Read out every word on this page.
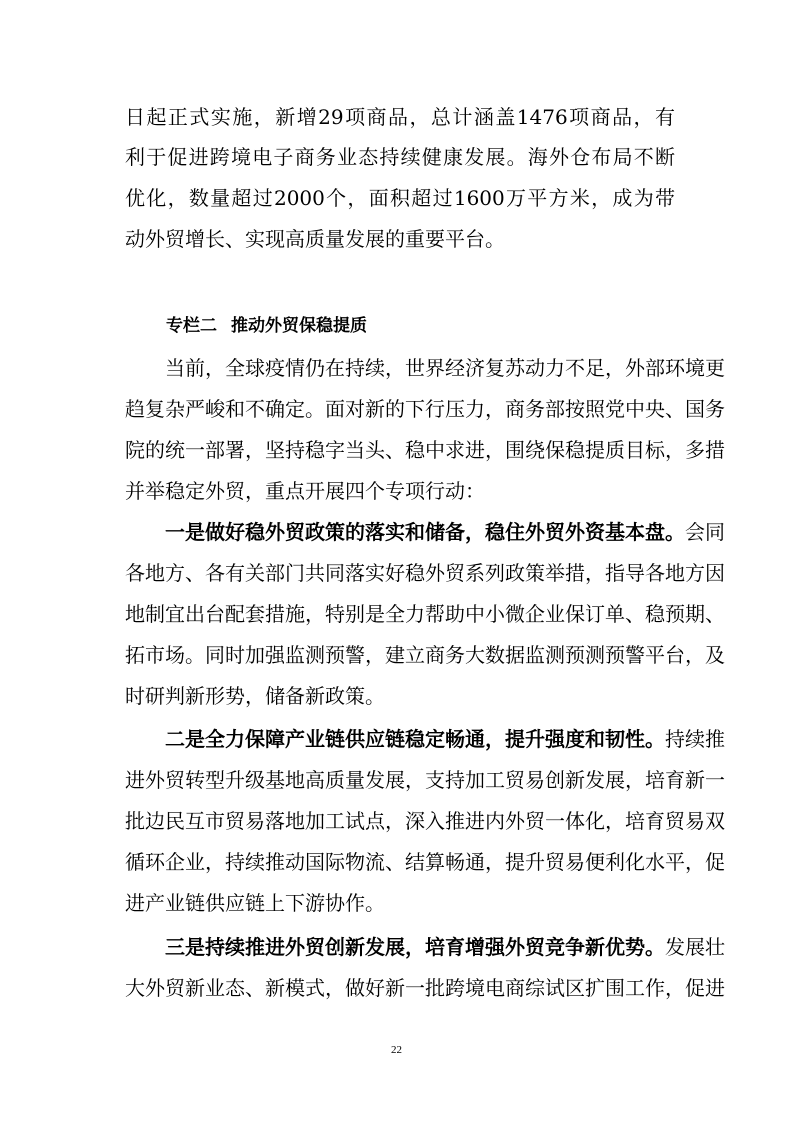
日起正式实施，新增29项商品，总计涵盖1476项商品，有
利于促进跨境电子商务业态持续健康发展。海外仓布局不断
优化，数量超过2000个，面积超过1600万平方米，成为带
动外贸增长、实现高质量发展的重要平台。
专栏二 推动外贸保稳提质
当前，全球疫情仍在持续，世界经济复苏动力不足，外部环境更
趋复杂严峻和不确定。面对新的下行压力，商务部按照党中央、国务
院的统一部署，坚持稳字当头、稳中求进，围绕保稳提质目标，多措
并举稳定外贸，重点开展四个专项行动：
一是做好稳外贸政策的落实和储备，稳住外贸外资基本盘。会同
各地方、各有关部门共同落实好稳外贸系列政策举措，指导各地方因
地制宜出台配套措施，特别是全力帮助中小微企业保订单、稳预期、
拓市场。同时加强监测预警，建立商务大数据监测预测预警平台，及
时研判新形势，储备新政策。
二是全力保障产业链供应链稳定畅通，提升强度和韧性。持续推
进外贸转型升级基地高质量发展，支持加工贸易创新发展，培育新一
批边民互市贸易落地加工试点，深入推进内外贸一体化，培育贸易双
循环企业，持续推动国际物流、结算畅通，提升贸易便利化水平，促
进产业链供应链上下游协作。
三是持续推进外贸创新发展，培育增强外贸竞争新优势。发展壮
大外贸新业态、新模式，做好新一批跨境电商综试区扩围工作，促进
22
